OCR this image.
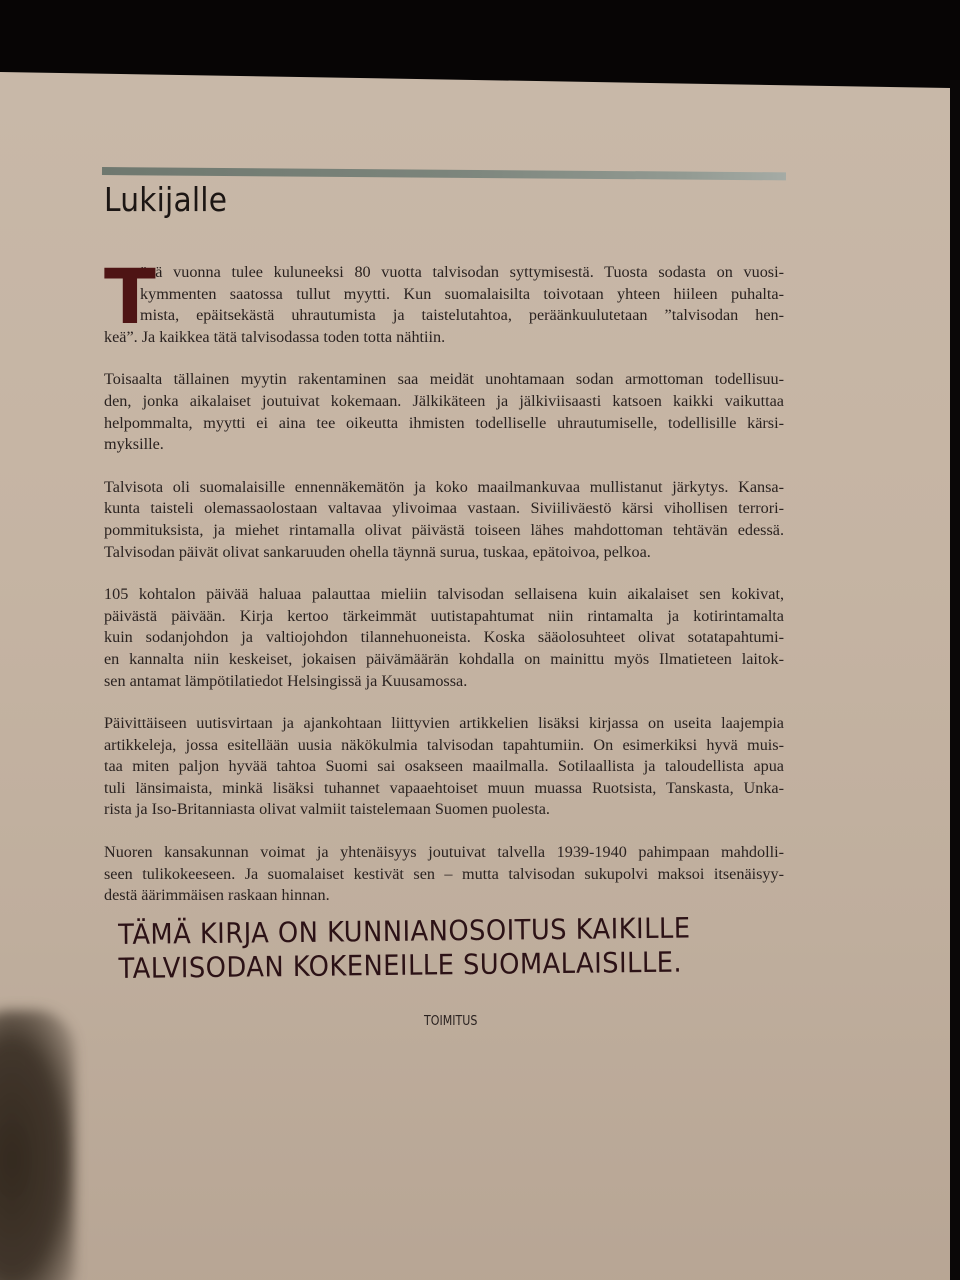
Lukijalle
T
änä vuonna tulee kuluneeksi 80 vuotta talvisodan syttymisestä. Tuosta sodasta on vuosi-
kymmenten saatossa tullut myytti. Kun suomalaisilta toivotaan yhteen hiileen puhalta-
mista, epäitsekästä uhrautumista ja taistelutahtoa, peräänkuulutetaan ”talvisodan hen-
keä”. Ja kaikkea tätä talvisodassa toden totta nähtiin.
Toisaalta tällainen myytin rakentaminen saa meidät unohtamaan sodan armottoman todellisuu-
den, jonka aikalaiset joutuivat kokemaan. Jälkikäteen ja jälkiviisaasti katsoen kaikki vaikuttaa
helpommalta, myytti ei aina tee oikeutta ihmisten todelliselle uhrautumiselle, todellisille kärsi-
myksille.
Talvisota oli suomalaisille ennennäkemätön ja koko maailmankuvaa mullistanut järkytys. Kansa-
kunta taisteli olemassaolostaan valtavaa ylivoimaa vastaan. Siviiliväestö kärsi vihollisen terrori-
pommituksista, ja miehet rintamalla olivat päivästä toiseen lähes mahdottoman tehtävän edessä.
Talvisodan päivät olivat sankaruuden ohella täynnä surua, tuskaa, epätoivoa, pelkoa.
105 kohtalon päivää haluaa palauttaa mieliin talvisodan sellaisena kuin aikalaiset sen kokivat,
päivästä päivään. Kirja kertoo tärkeimmät uutistapahtumat niin rintamalta ja kotirintamalta
kuin sodanjohdon ja valtiojohdon tilannehuoneista. Koska sääolosuhteet olivat sotatapahtumi-
en kannalta niin keskeiset, jokaisen päivämäärän kohdalla on mainittu myös Ilmatieteen laitok-
sen antamat lämpötilatiedot Helsingissä ja Kuusamossa.
Päivittäiseen uutisvirtaan ja ajankohtaan liittyvien artikkelien lisäksi kirjassa on useita laajempia
artikkeleja, jossa esitellään uusia näkökulmia talvisodan tapahtumiin. On esimerkiksi hyvä muis-
taa miten paljon hyvää tahtoa Suomi sai osakseen maailmalla. Sotilaallista ja taloudellista apua
tuli länsimaista, minkä lisäksi tuhannet vapaaehtoiset muun muassa Ruotsista, Tanskasta, Unka-
rista ja Iso-Britanniasta olivat valmiit taistelemaan Suomen puolesta.
Nuoren kansakunnan voimat ja yhtenäisyys joutuivat talvella 1939-1940 pahimpaan mahdolli-
seen tulikokeeseen. Ja suomalaiset kestivät sen – mutta talvisodan sukupolvi maksoi itsenäisyy-
destä äärimmäisen raskaan hinnan.
TÄMÄ KIRJA ON KUNNIANOSOITUS KAIKILLE
TALVISODAN KOKENEILLE SUOMALAISILLE.
TOIMITUS
